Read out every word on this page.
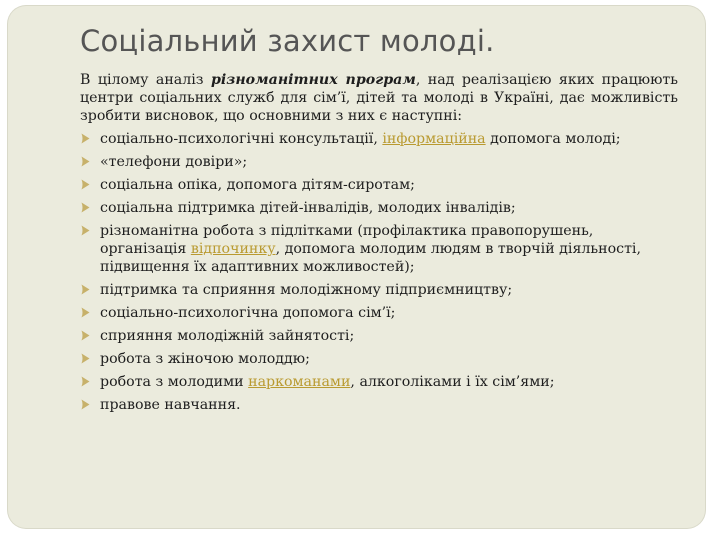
Соціальний захист молоді.

В цілому аналіз різноманітних програм, над реалізацією яких працюють центри соціальних служб для сім’ї, дітей та молоді в Україні, дає можливість зробити висновок, що основними з них є наступні:

соціально-психологічні консультації, інформаційна допомога молоді;
«телефони довіри»;
соціальна опіка, допомога дітям-сиротам;
соціальна підтримка дітей-інвалідів, молодих інвалідів;
різноманітна робота з підлітками (профілактика правопорушень, організація відпочинку, допомога молодим людям в творчій діяльності, підвищення їх адаптивних можливостей);
підтримка та сприяння молодіжному підприємництву;
соціально-психологічна допомога сім’ї;
сприяння молодіжній зайнятості;
робота з жіночою молоддю;
робота з молодими наркоманами, алкоголіками і їх сім’ями;
правове навчання.
